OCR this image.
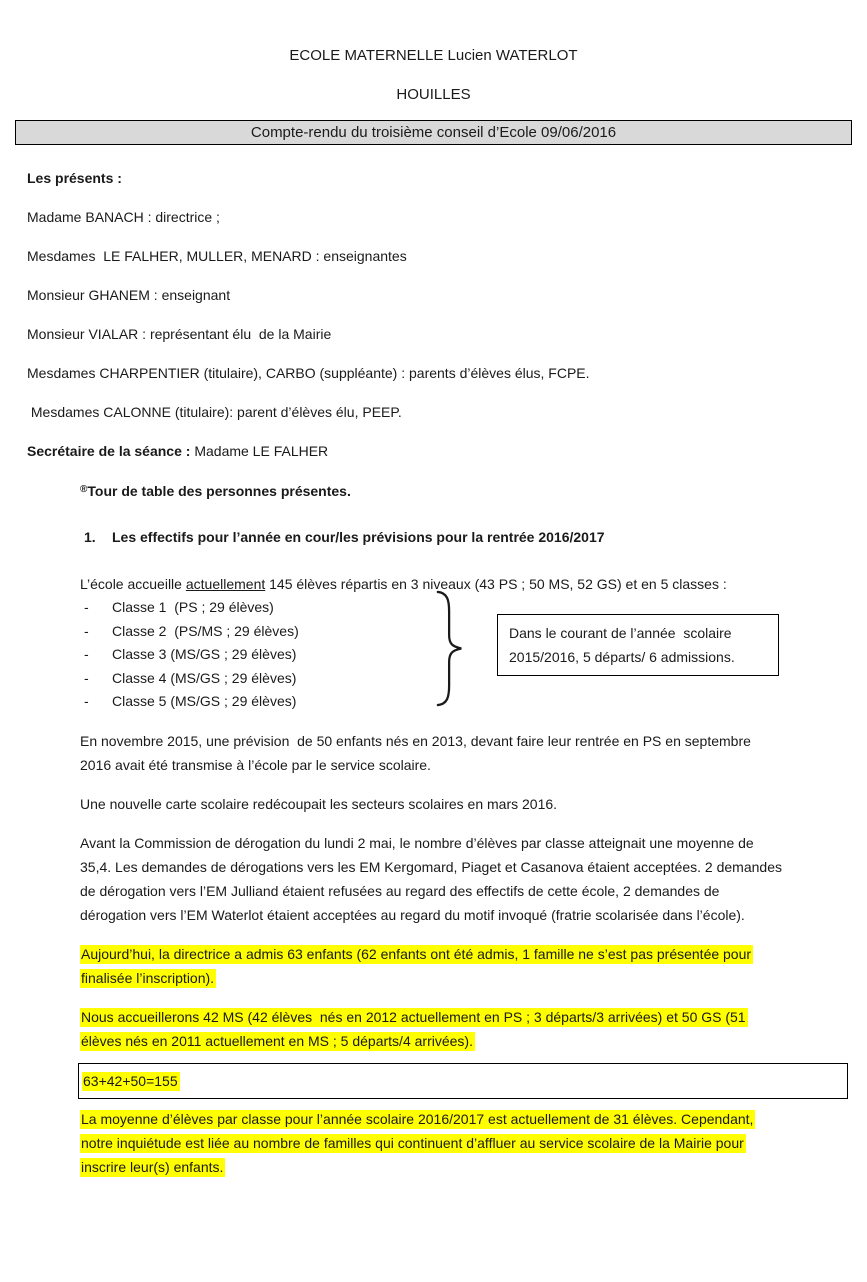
ECOLE MATERNELLE Lucien WATERLOT
HOUILLES
Compte-rendu du troisième conseil d’Ecole 09/06/2016
Les présents :
Madame BANACH : directrice ;
Mesdames  LE FALHER, MULLER, MENARD : enseignantes
Monsieur GHANEM : enseignant
Monsieur VIALAR : représentant élu  de la Mairie
Mesdames CHARPENTIER (titulaire), CARBO (suppléante) : parents d’élèves élus, FCPE.
Mesdames CALONNE (titulaire): parent d’élèves élu, PEEP.
Secrétaire de la séance : Madame LE FALHER
®Tour de table des personnes présentes.
1.	Les effectifs pour l’année en cour/les prévisions pour la rentrée 2016/2017
L’école accueille actuellement 145 élèves répartis en 3 niveaux (43 PS ; 50 MS, 52 GS) et en 5 classes :
-	Classe 1  (PS ; 29 élèves)
-	Classe 2  (PS/MS ; 29 élèves)
-	Classe 3 (MS/GS ; 29 élèves)
-	Classe 4 (MS/GS ; 29 élèves)
-	Classe 5 (MS/GS ; 29 élèves)
Dans le courant de l’année  scolaire
2015/2016, 5 départs/ 6 admissions.
En novembre 2015, une prévision  de 50 enfants nés en 2013, devant faire leur rentrée en PS en septembre
2016 avait été transmise à l’école par le service scolaire.
Une nouvelle carte scolaire redécoupait les secteurs scolaires en mars 2016.
Avant la Commission de dérogation du lundi 2 mai, le nombre d’élèves par classe atteignait une moyenne de
35,4. Les demandes de dérogations vers les EM Kergomard, Piaget et Casanova étaient acceptées. 2 demandes
de dérogation vers l’EM Julliand étaient refusées au regard des effectifs de cette école, 2 demandes de
dérogation vers l’EM Waterlot étaient acceptées au regard du motif invoqué (fratrie scolarisée dans l’école).
Aujourd’hui, la directrice a admis 63 enfants (62 enfants ont été admis, 1 famille ne s’est pas présentée pour
finalisée l’inscription).
Nous accueillerons 42 MS (42 élèves  nés en 2012 actuellement en PS ; 3 départs/3 arrivées) et 50 GS (51
élèves nés en 2011 actuellement en MS ; 5 départs/4 arrivées).
63+42+50=155
La moyenne d’élèves par classe pour l’année scolaire 2016/2017 est actuellement de 31 élèves. Cependant,
notre inquiétude est liée au nombre de familles qui continuent d’affluer au service scolaire de la Mairie pour
inscrire leur(s) enfants.
